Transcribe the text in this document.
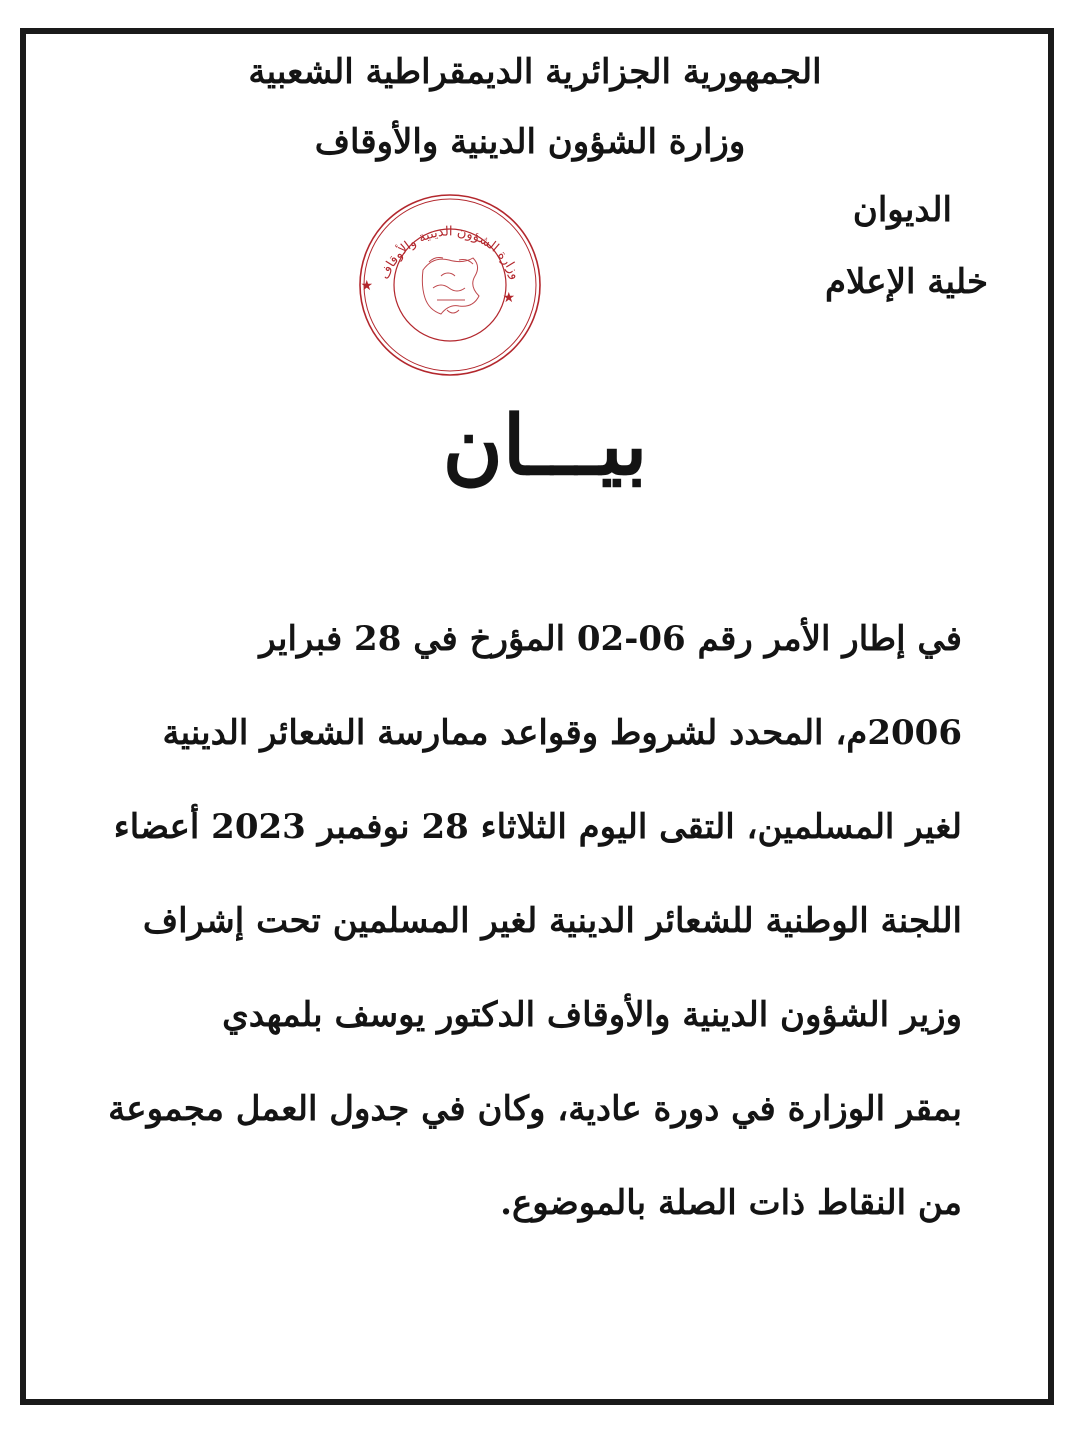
الجمهورية الجزائرية الديمقراطية الشعبية
وزارة الشؤون الدينية والأوقاف
الديوان
خلية الإعلام
وزارة الشؤون الدينية والأوقاف
★
★
بيـــان
في إطار الأمر رقم 06-02 المؤرخ في 28 فبراير
2006م، المحدد لشروط وقواعد ممارسة الشعائر الدينية
لغير المسلمين، التقى اليوم الثلاثاء 28 نوفمبر 2023 أعضاء
اللجنة الوطنية للشعائر الدينية لغير المسلمين تحت إشراف
وزير الشؤون الدينية والأوقاف الدكتور يوسف بلمهدي
بمقر الوزارة في دورة عادية، وكان في جدول العمل مجموعة
من النقاط ذات الصلة بالموضوع.
